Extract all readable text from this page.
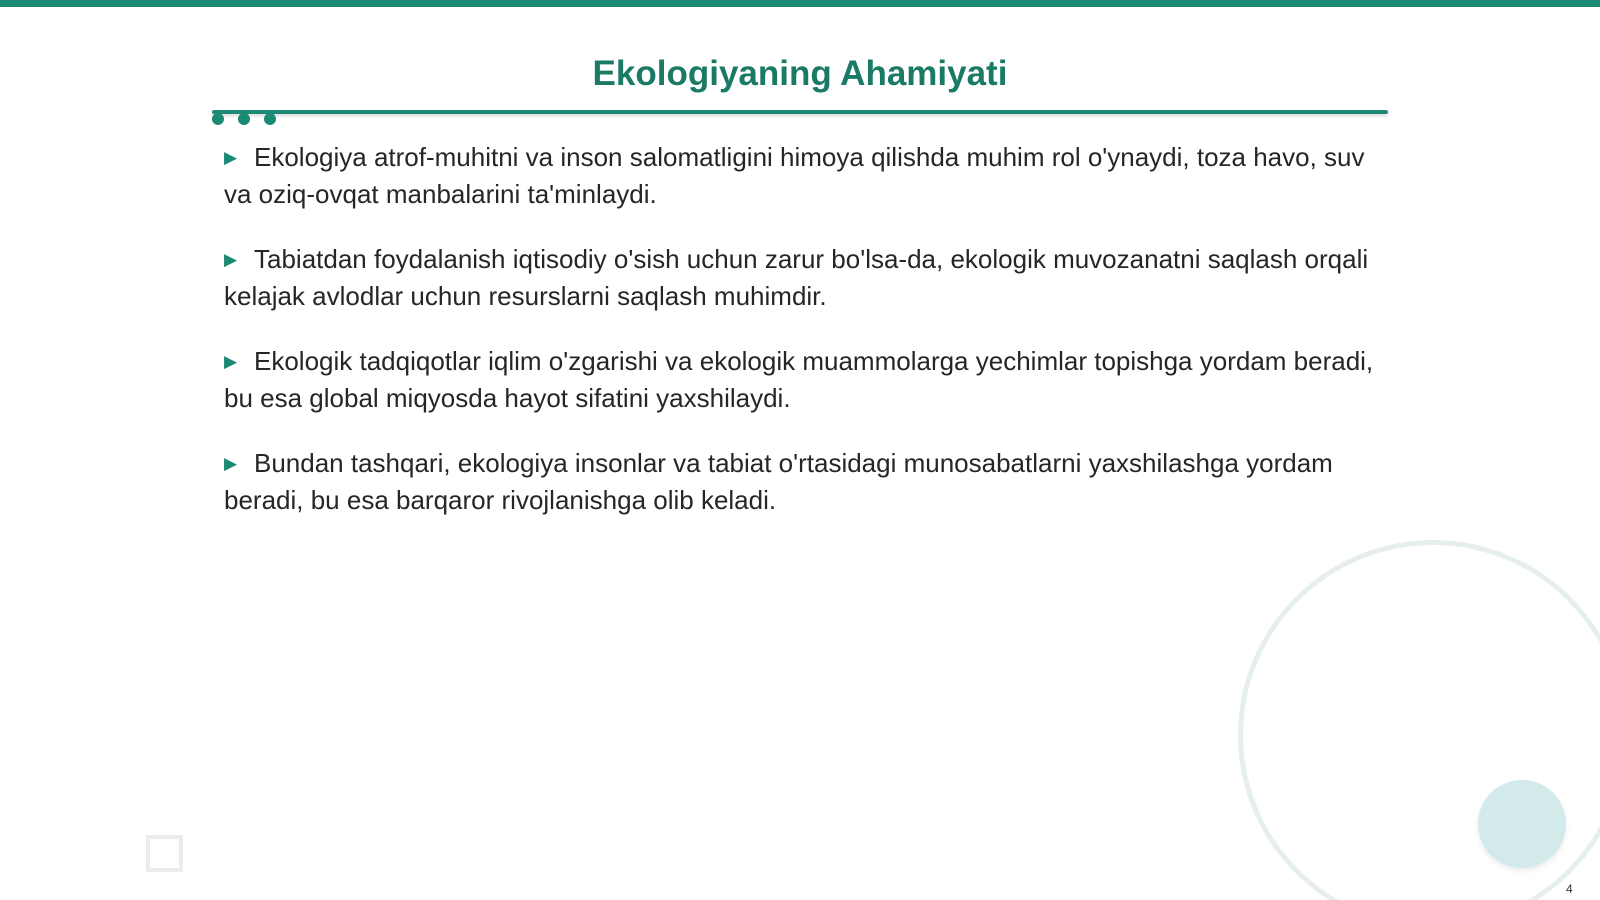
Ekologiyaning Ahamiyati

▶ Ekologiya atrof-muhitni va inson salomatligini himoya qilishda muhim rol o'ynaydi, toza havo, suv va oziq-ovqat manbalarini ta'minlaydi.

▶ Tabiatdan foydalanish iqtisodiy o'sish uchun zarur bo'lsa-da, ekologik muvozanatni saqlash orqali kelajak avlodlar uchun resurslarni saqlash muhimdir.

▶ Ekologik tadqiqotlar iqlim o'zgarishi va ekologik muammolarga yechimlar topishga yordam beradi, bu esa global miqyosda hayot sifatini yaxshilaydi.

▶ Bundan tashqari, ekologiya insonlar va tabiat o'rtasidagi munosabatlarni yaxshilashga yordam beradi, bu esa barqaror rivojlanishga olib keladi.

4
